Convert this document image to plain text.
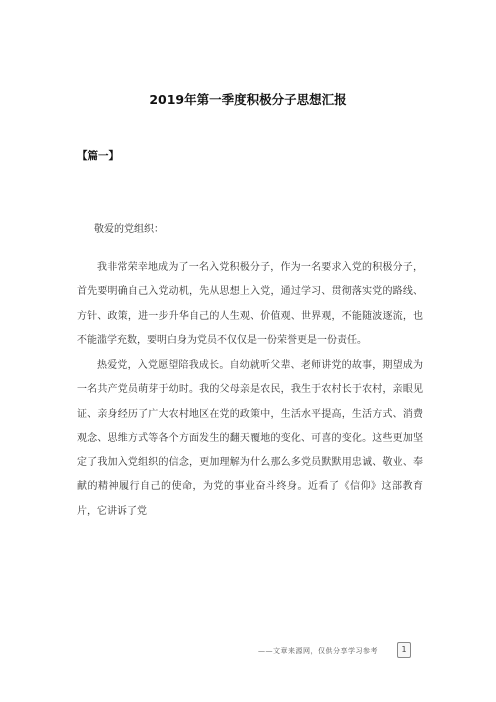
2019年第一季度积极分子思想汇报
【篇一】
敬爱的党组织：

我非常荣幸地成为了一名入党积极分子，作为一名要求入党的积极分子，首先要明确自己入党动机，先从思想上入党，通过学习、贯彻落实党的路线、方针、政策，进一步升华自己的人生观、价值观、世界观，不能随波逐流，也不能滥学充数，要明白身为党员不仅仅是一份荣誉更是一份责任。

热爱党，入党愿望陪我成长。自幼就听父辈、老师讲党的故事，期望成为一名共产党员萌芽于幼时。我的父母亲是农民，我生于农村长于农村，亲眼见证、亲身经历了广大农村地区在党的政策中，生活水平提高，生活方式、消费观念、思维方式等各个方面发生的翻天覆地的变化、可喜的变化。这些更加坚定了我加入党组织的信念，更加理解为什么那么多党员默默用忠诚、敬业、奉献的精神履行自己的使命，为党的事业奋斗终身。近看了《信仰》这部教育片，它讲诉了党

——文章来源网，仅供分享学习参考	1
